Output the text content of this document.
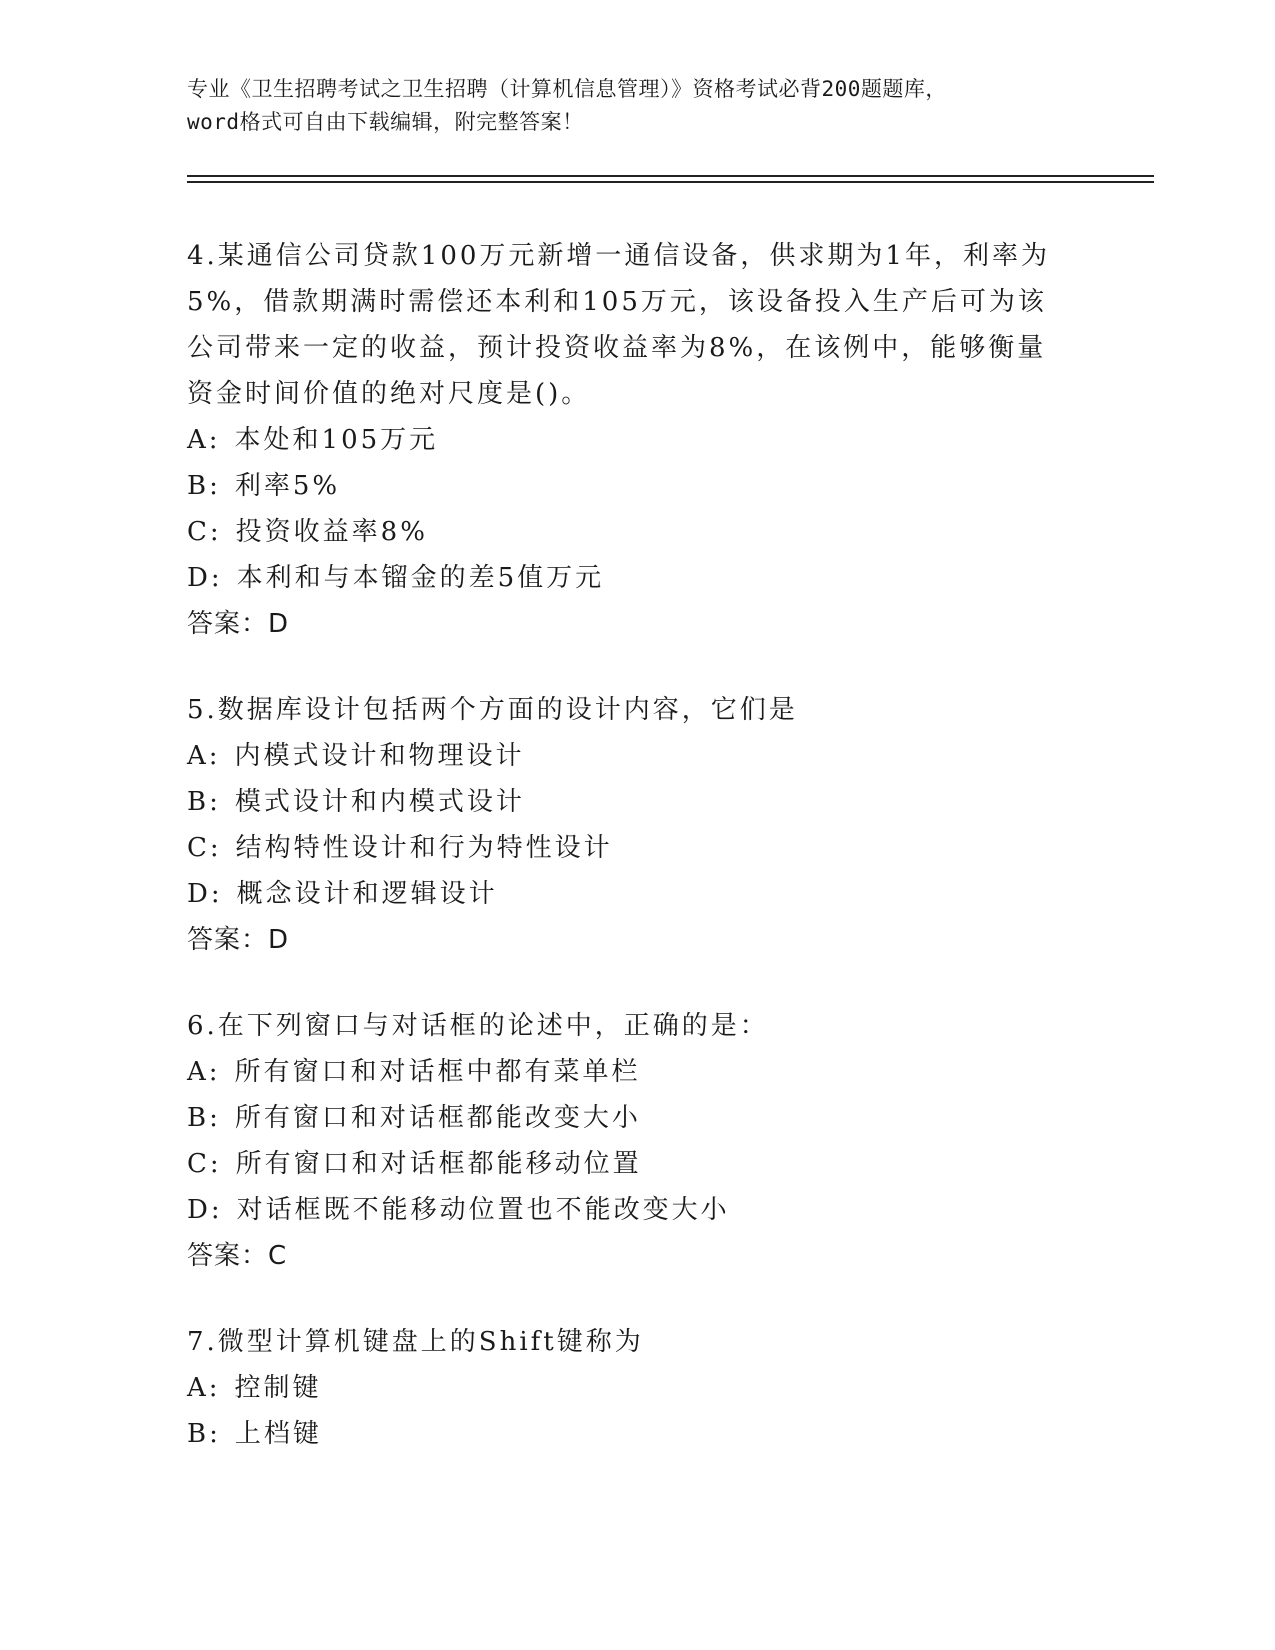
专业《卫生招聘考试之卫生招聘（计算机信息管理）》资格考试必背200题题库，
word格式可自由下载编辑，附完整答案！
4.某通信公司贷款100万元新增一通信设备，供求期为1年，利率为5%，借款期满时需偿还本利和105万元，该设备投入生产后可为该公司带来一定的收益，预计投资收益率为8%，在该例中，能够衡量资金时间价值的绝对尺度是()。
A: 本处和105万元
B: 利率5%
C: 投资收益率8%
D: 本利和与本镏金的差5值万元
答案：D
5.数据库设计包括两个方面的设计内容，它们是
A: 内模式设计和物理设计
B: 模式设计和内模式设计
C: 结构特性设计和行为特性设计
D: 概念设计和逻辑设计
答案：D
6.在下列窗口与对话框的论述中，正确的是：
A: 所有窗口和对话框中都有菜单栏
B: 所有窗口和对话框都能改变大小
C: 所有窗口和对话框都能移动位置
D: 对话框既不能移动位置也不能改变大小
答案：C
7.微型计算机键盘上的Shift键称为
A: 控制键
B: 上档键
